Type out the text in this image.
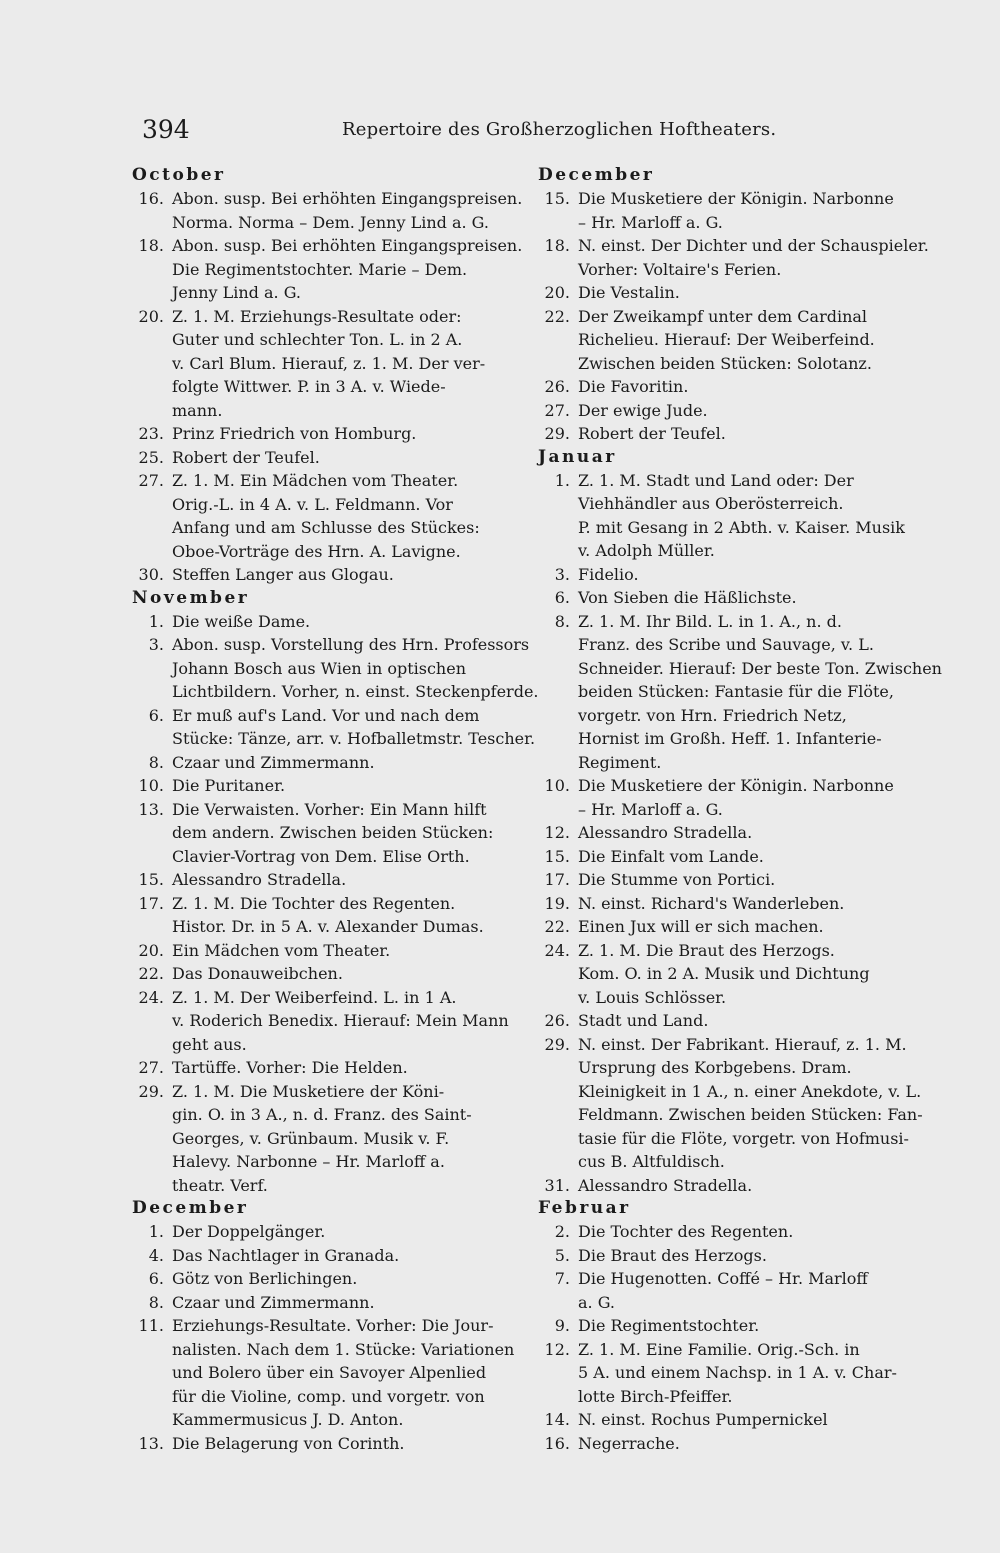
394	Repertoire des Großherzoglichen Hoftheaters.
October
16. Abon. susp. Bei erhöhten Eingangspreisen.
Norma. Norma – Dem. Jenny Lind a. G.
18. Abon. susp. Bei erhöhten Eingangspreisen.
Die Regimentstochter. Marie – Dem.
Jenny Lind a. G.
20. Z. 1. M. Erziehungs-Resultate oder:
Guter und schlechter Ton. L. in 2 A.
v. Carl Blum. Hierauf, z. 1. M. Der ver-
folgte Wittwer. P. in 3 A. v. Wiede-
mann.
23. Prinz Friedrich von Homburg.
25. Robert der Teufel.
27. Z. 1. M. Ein Mädchen vom Theater.
Orig.-L. in 4 A. v. L. Feldmann. Vor
Anfang und am Schlusse des Stückes:
Oboe-Vorträge des Hrn. A. Lavigne.
30. Steffen Langer aus Glogau.
November
1. Die weiße Dame.
3. Abon. susp. Vorstellung des Hrn. Professors
Johann Bosch aus Wien in optischen
Lichtbildern. Vorher, n. einst. Steckenpferde.
6. Er muß auf's Land. Vor und nach dem
Stücke: Tänze, arr. v. Hofballetmstr. Tescher.
8. Czaar und Zimmermann.
10. Die Puritaner.
13. Die Verwaisten. Vorher: Ein Mann hilft
dem andern. Zwischen beiden Stücken:
Clavier-Vortrag von Dem. Elise Orth.
15. Alessandro Stradella.
17. Z. 1. M. Die Tochter des Regenten.
Histor. Dr. in 5 A. v. Alexander Dumas.
20. Ein Mädchen vom Theater.
22. Das Donauweibchen.
24. Z. 1. M. Der Weiberfeind. L. in 1 A.
v. Roderich Benedix. Hierauf: Mein Mann
geht aus.
27. Tartüffe. Vorher: Die Helden.
29. Z. 1. M. Die Musketiere der Köni-
gin. O. in 3 A., n. d. Franz. des Saint-
Georges, v. Grünbaum. Musik v. F.
Halevy. Narbonne – Hr. Marloff a.
theatr. Verf.
December
1. Der Doppelgänger.
4. Das Nachtlager in Granada.
6. Götz von Berlichingen.
8. Czaar und Zimmermann.
11. Erziehungs-Resultate. Vorher: Die Jour-
nalisten. Nach dem 1. Stücke: Variationen
und Bolero über ein Savoyer Alpenlied
für die Violine, comp. und vorgetr. von
Kammermusicus J. D. Anton.
13. Die Belagerung von Corinth.
December
15. Die Musketiere der Königin. Narbonne
– Hr. Marloff a. G.
18. N. einst. Der Dichter und der Schauspieler.
Vorher: Voltaire's Ferien.
20. Die Vestalin.
22. Der Zweikampf unter dem Cardinal
Richelieu. Hierauf: Der Weiberfeind.
Zwischen beiden Stücken: Solotanz.
26. Die Favoritin.
27. Der ewige Jude.
29. Robert der Teufel.
Januar
1. Z. 1. M. Stadt und Land oder: Der
Viehhändler aus Oberösterreich.
P. mit Gesang in 2 Abth. v. Kaiser. Musik
v. Adolph Müller.
3. Fidelio.
6. Von Sieben die Häßlichste.
8. Z. 1. M. Ihr Bild. L. in 1. A., n. d.
Franz. des Scribe und Sauvage, v. L.
Schneider. Hierauf: Der beste Ton. Zwischen
beiden Stücken: Fantasie für die Flöte,
vorgetr. von Hrn. Friedrich Netz,
Hornist im Großh. Heff. 1. Infanterie-
Regiment.
10. Die Musketiere der Königin. Narbonne
– Hr. Marloff a. G.
12. Alessandro Stradella.
15. Die Einfalt vom Lande.
17. Die Stumme von Portici.
19. N. einst. Richard's Wanderleben.
22. Einen Jux will er sich machen.
24. Z. 1. M. Die Braut des Herzogs.
Kom. O. in 2 A. Musik und Dichtung
v. Louis Schlösser.
26. Stadt und Land.
29. N. einst. Der Fabrikant. Hierauf, z. 1. M.
Ursprung des Korbgebens. Dram.
Kleinigkeit in 1 A., n. einer Anekdote, v. L.
Feldmann. Zwischen beiden Stücken: Fan-
tasie für die Flöte, vorgetr. von Hofmusi-
cus B. Altfuldisch.
31. Alessandro Stradella.
Februar
2. Die Tochter des Regenten.
5. Die Braut des Herzogs.
7. Die Hugenotten. Coffé – Hr. Marloff
a. G.
9. Die Regimentstochter.
12. Z. 1. M. Eine Familie. Orig.-Sch. in
5 A. und einem Nachsp. in 1 A. v. Char-
lotte Birch-Pfeiffer.
14. N. einst. Rochus Pumpernickel
16. Negerrache.
